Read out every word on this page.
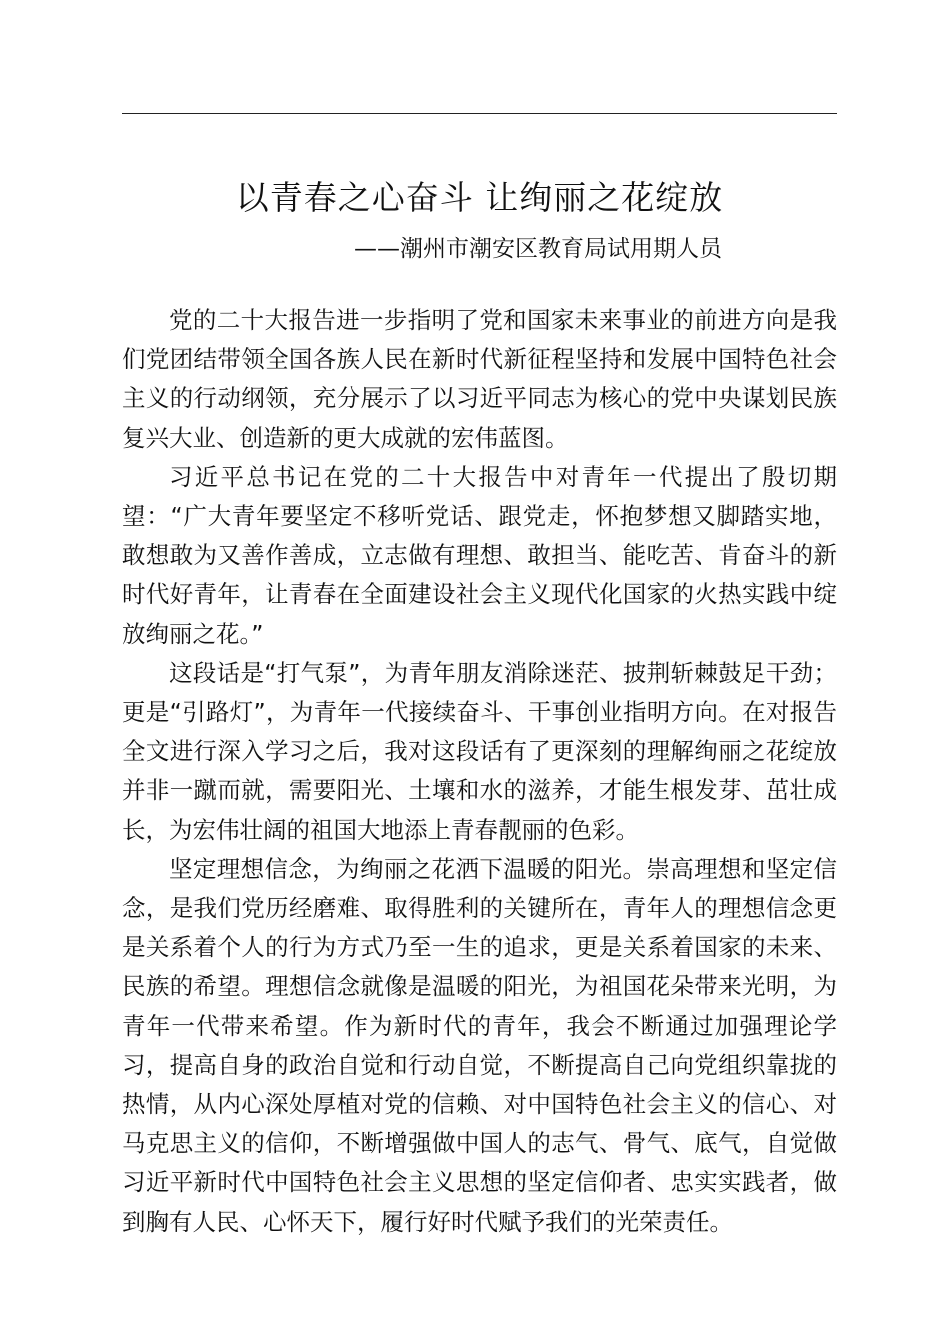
以青春之心奋斗 让绚丽之花绽放

——潮州市潮安区教育局试用期人员

党的二十大报告进一步指明了党和国家未来事业的前进方向是我们党团结带领全国各族人民在新时代新征程坚持和发展中国特色社会主义的行动纲领，充分展示了以习近平同志为核心的党中央谋划民族复兴大业、创造新的更大成就的宏伟蓝图。

习近平总书记在党的二十大报告中对青年一代提出了殷切期望：“广大青年要坚定不移听党话、跟党走，怀抱梦想又脚踏实地，敢想敢为又善作善成，立志做有理想、敢担当、能吃苦、肯奋斗的新时代好青年，让青春在全面建设社会主义现代化国家的火热实践中绽放绚丽之花。”

这段话是“打气泵”，为青年朋友消除迷茫、披荆斩棘鼓足干劲；更是“引路灯”，为青年一代接续奋斗、干事创业指明方向。在对报告全文进行深入学习之后，我对这段话有了更深刻的理解绚丽之花绽放并非一蹴而就，需要阳光、土壤和水的滋养，才能生根发芽、茁壮成长，为宏伟壮阔的祖国大地添上青春靓丽的色彩。

坚定理想信念，为绚丽之花洒下温暖的阳光。崇高理想和坚定信念，是我们党历经磨难、取得胜利的关键所在，青年人的理想信念更是关系着个人的行为方式乃至一生的追求，更是关系着国家的未来、民族的希望。理想信念就像是温暖的阳光，为祖国花朵带来光明，为青年一代带来希望。作为新时代的青年，我会不断通过加强理论学习，提高自身的政治自觉和行动自觉，不断提高自己向党组织靠拢的热情，从内心深处厚植对党的信赖、对中国特色社会主义的信心、对马克思主义的信仰，不断增强做中国人的志气、骨气、底气，自觉做习近平新时代中国特色社会主义思想的坚定信仰者、忠实实践者，做到胸有人民、心怀天下，履行好时代赋予我们的光荣责任。
